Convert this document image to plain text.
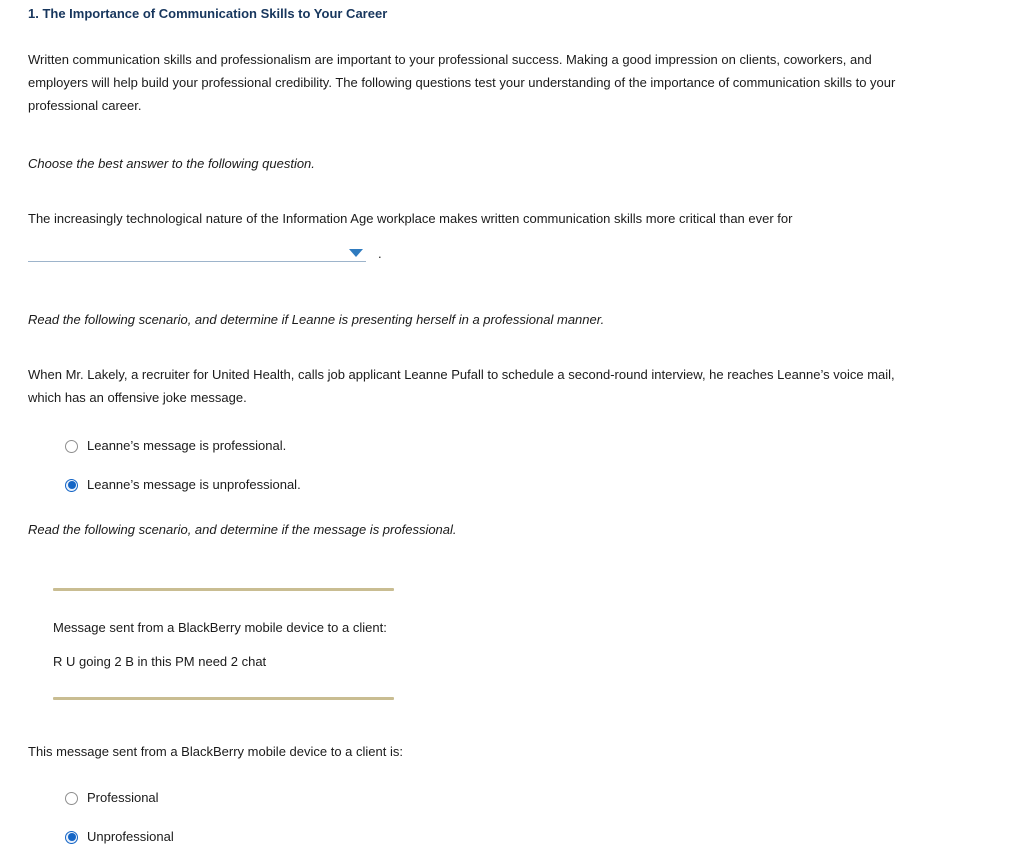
1. The Importance of Communication Skills to Your Career

Written communication skills and professionalism are important to your professional success. Making a good impression on clients, coworkers, and employers will help build your professional credibility. The following questions test your understanding of the importance of communication skills to your professional career.

Choose the best answer to the following question.

The increasingly technological nature of the Information Age workplace makes written communication skills more critical than ever for

.

Read the following scenario, and determine if Leanne is presenting herself in a professional manner.

When Mr. Lakely, a recruiter for United Health, calls job applicant Leanne Pufall to schedule a second-round interview, he reaches Leanne’s voice mail, which has an offensive joke message.

Leanne’s message is professional.
Leanne’s message is unprofessional.

Read the following scenario, and determine if the message is professional.

Message sent from a BlackBerry mobile device to a client:

R U going 2 B in this PM need 2 chat

This message sent from a BlackBerry mobile device to a client is:

Professional
Unprofessional
